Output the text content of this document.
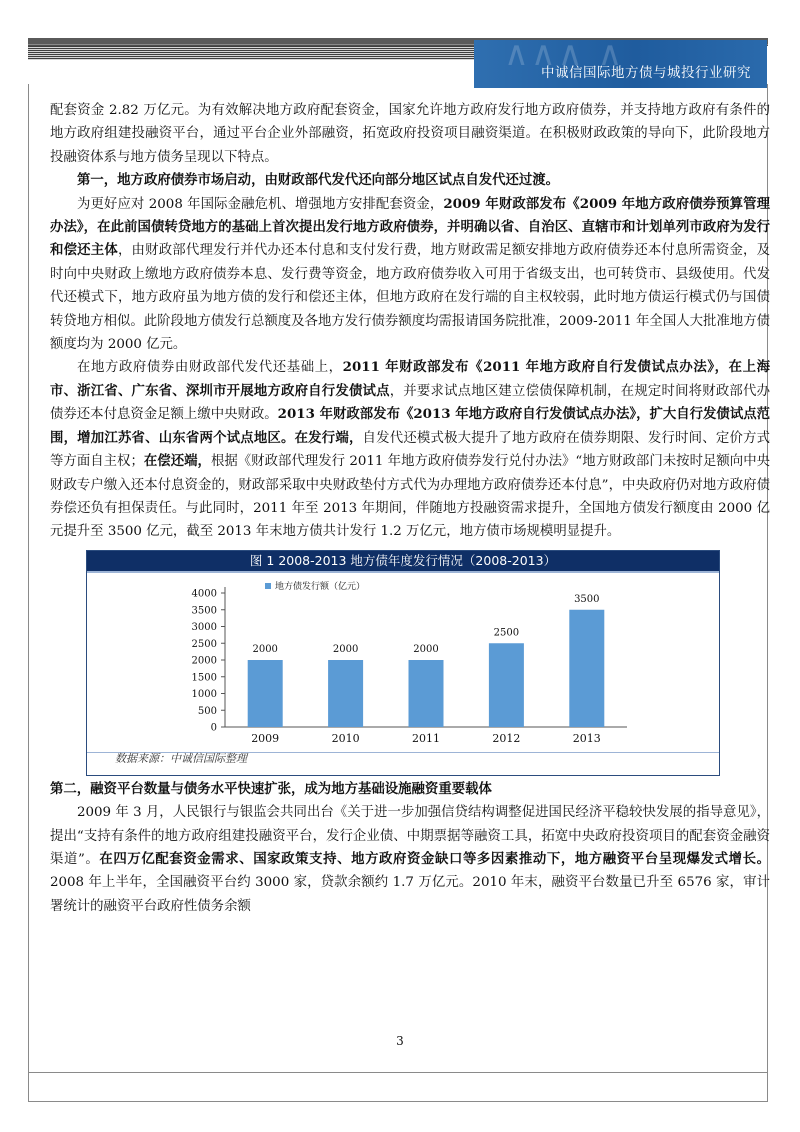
∧∧∧ ∧
中诚信国际地方债与城投行业研究

配套资金 2.82 万亿元。为有效解决地方政府配套资金，国家允许地方政府发行地方政府债券，并支持地方政府有条件的地方政府组建投融资平台，通过平台企业外部融资，拓宽政府投资项目融资渠道。在积极财政政策的导向下，此阶段地方投融资体系与地方债务呈现以下特点。

第一，地方政府债券市场启动，由财政部代发代还向部分地区试点自发代还过渡。

为更好应对 2008 年国际金融危机、增强地方安排配套资金，2009 年财政部发布《2009 年地方政府债券预算管理办法》，在此前国债转贷地方的基础上首次提出发行地方政府债券，并明确以省、自治区、直辖市和计划单列市政府为发行和偿还主体，由财政部代理发行并代办还本付息和支付发行费，地方财政需足额安排地方政府债券还本付息所需资金，及时向中央财政上缴地方政府债券本息、发行费等资金，地方政府债券收入可用于省级支出，也可转贷市、县级使用。代发代还模式下，地方政府虽为地方债的发行和偿还主体，但地方政府在发行端的自主权较弱，此时地方债运行模式仍与国债转贷地方相似。此阶段地方债发行总额度及各地方发行债券额度均需报请国务院批准，2009-2011 年全国人大批准地方债额度均为 2000 亿元。

在地方政府债券由财政部代发代还基础上，2011 年财政部发布《2011 年地方政府自行发债试点办法》，在上海市、浙江省、广东省、深圳市开展地方政府自行发债试点，并要求试点地区建立偿债保障机制，在规定时间将财政部代办债券还本付息资金足额上缴中央财政。2013 年财政部发布《2013 年地方政府自行发债试点办法》，扩大自行发债试点范围，增加江苏省、山东省两个试点地区。在发行端，自发代还模式极大提升了地方政府在债券期限、发行时间、定价方式等方面自主权；在偿还端，根据《财政部代理发行 2011 年地方政府债券发行兑付办法》“地方财政部门未按时足额向中央财政专户缴入还本付息资金的，财政部采取中央财政垫付方式代为办理地方政府债券还本付息”，中央政府仍对地方政府债券偿还负有担保责任。与此同时，2011 年至 2013 年期间，伴随地方投融资需求提升，全国地方债发行额度由 2000 亿元提升至 3500 亿元，截至 2013 年末地方债共计发行 1.2 万亿元，地方债市场规模明显提升。

图 1 2008-2013 地方债年度发行情况（2008-2013）
0
500
1000
1500
2000
2500
3000
3500
4000
地方债发行额（亿元）
2000
2009
2000
2010
2000
2011
2500
2012
3500
2013
数据来源：中诚信国际整理

第二，融资平台数量与债务水平快速扩张，成为地方基础设施融资重要载体

2009 年 3 月，人民银行与银监会共同出台《关于进一步加强信贷结构调整促进国民经济平稳较快发展的指导意见》，提出“支持有条件的地方政府组建投融资平台，发行企业债、中期票据等融资工具，拓宽中央政府投资项目的配套资金融资渠道”。在四万亿配套资金需求、国家政策支持、地方政府资金缺口等多因素推动下，地方融资平台呈现爆发式增长。2008 年上半年，全国融资平台约 3000 家，贷款余额约 1.7 万亿元。2010 年末，融资平台数量已升至 6576 家，审计署统计的融资平台政府性债务余额

3
